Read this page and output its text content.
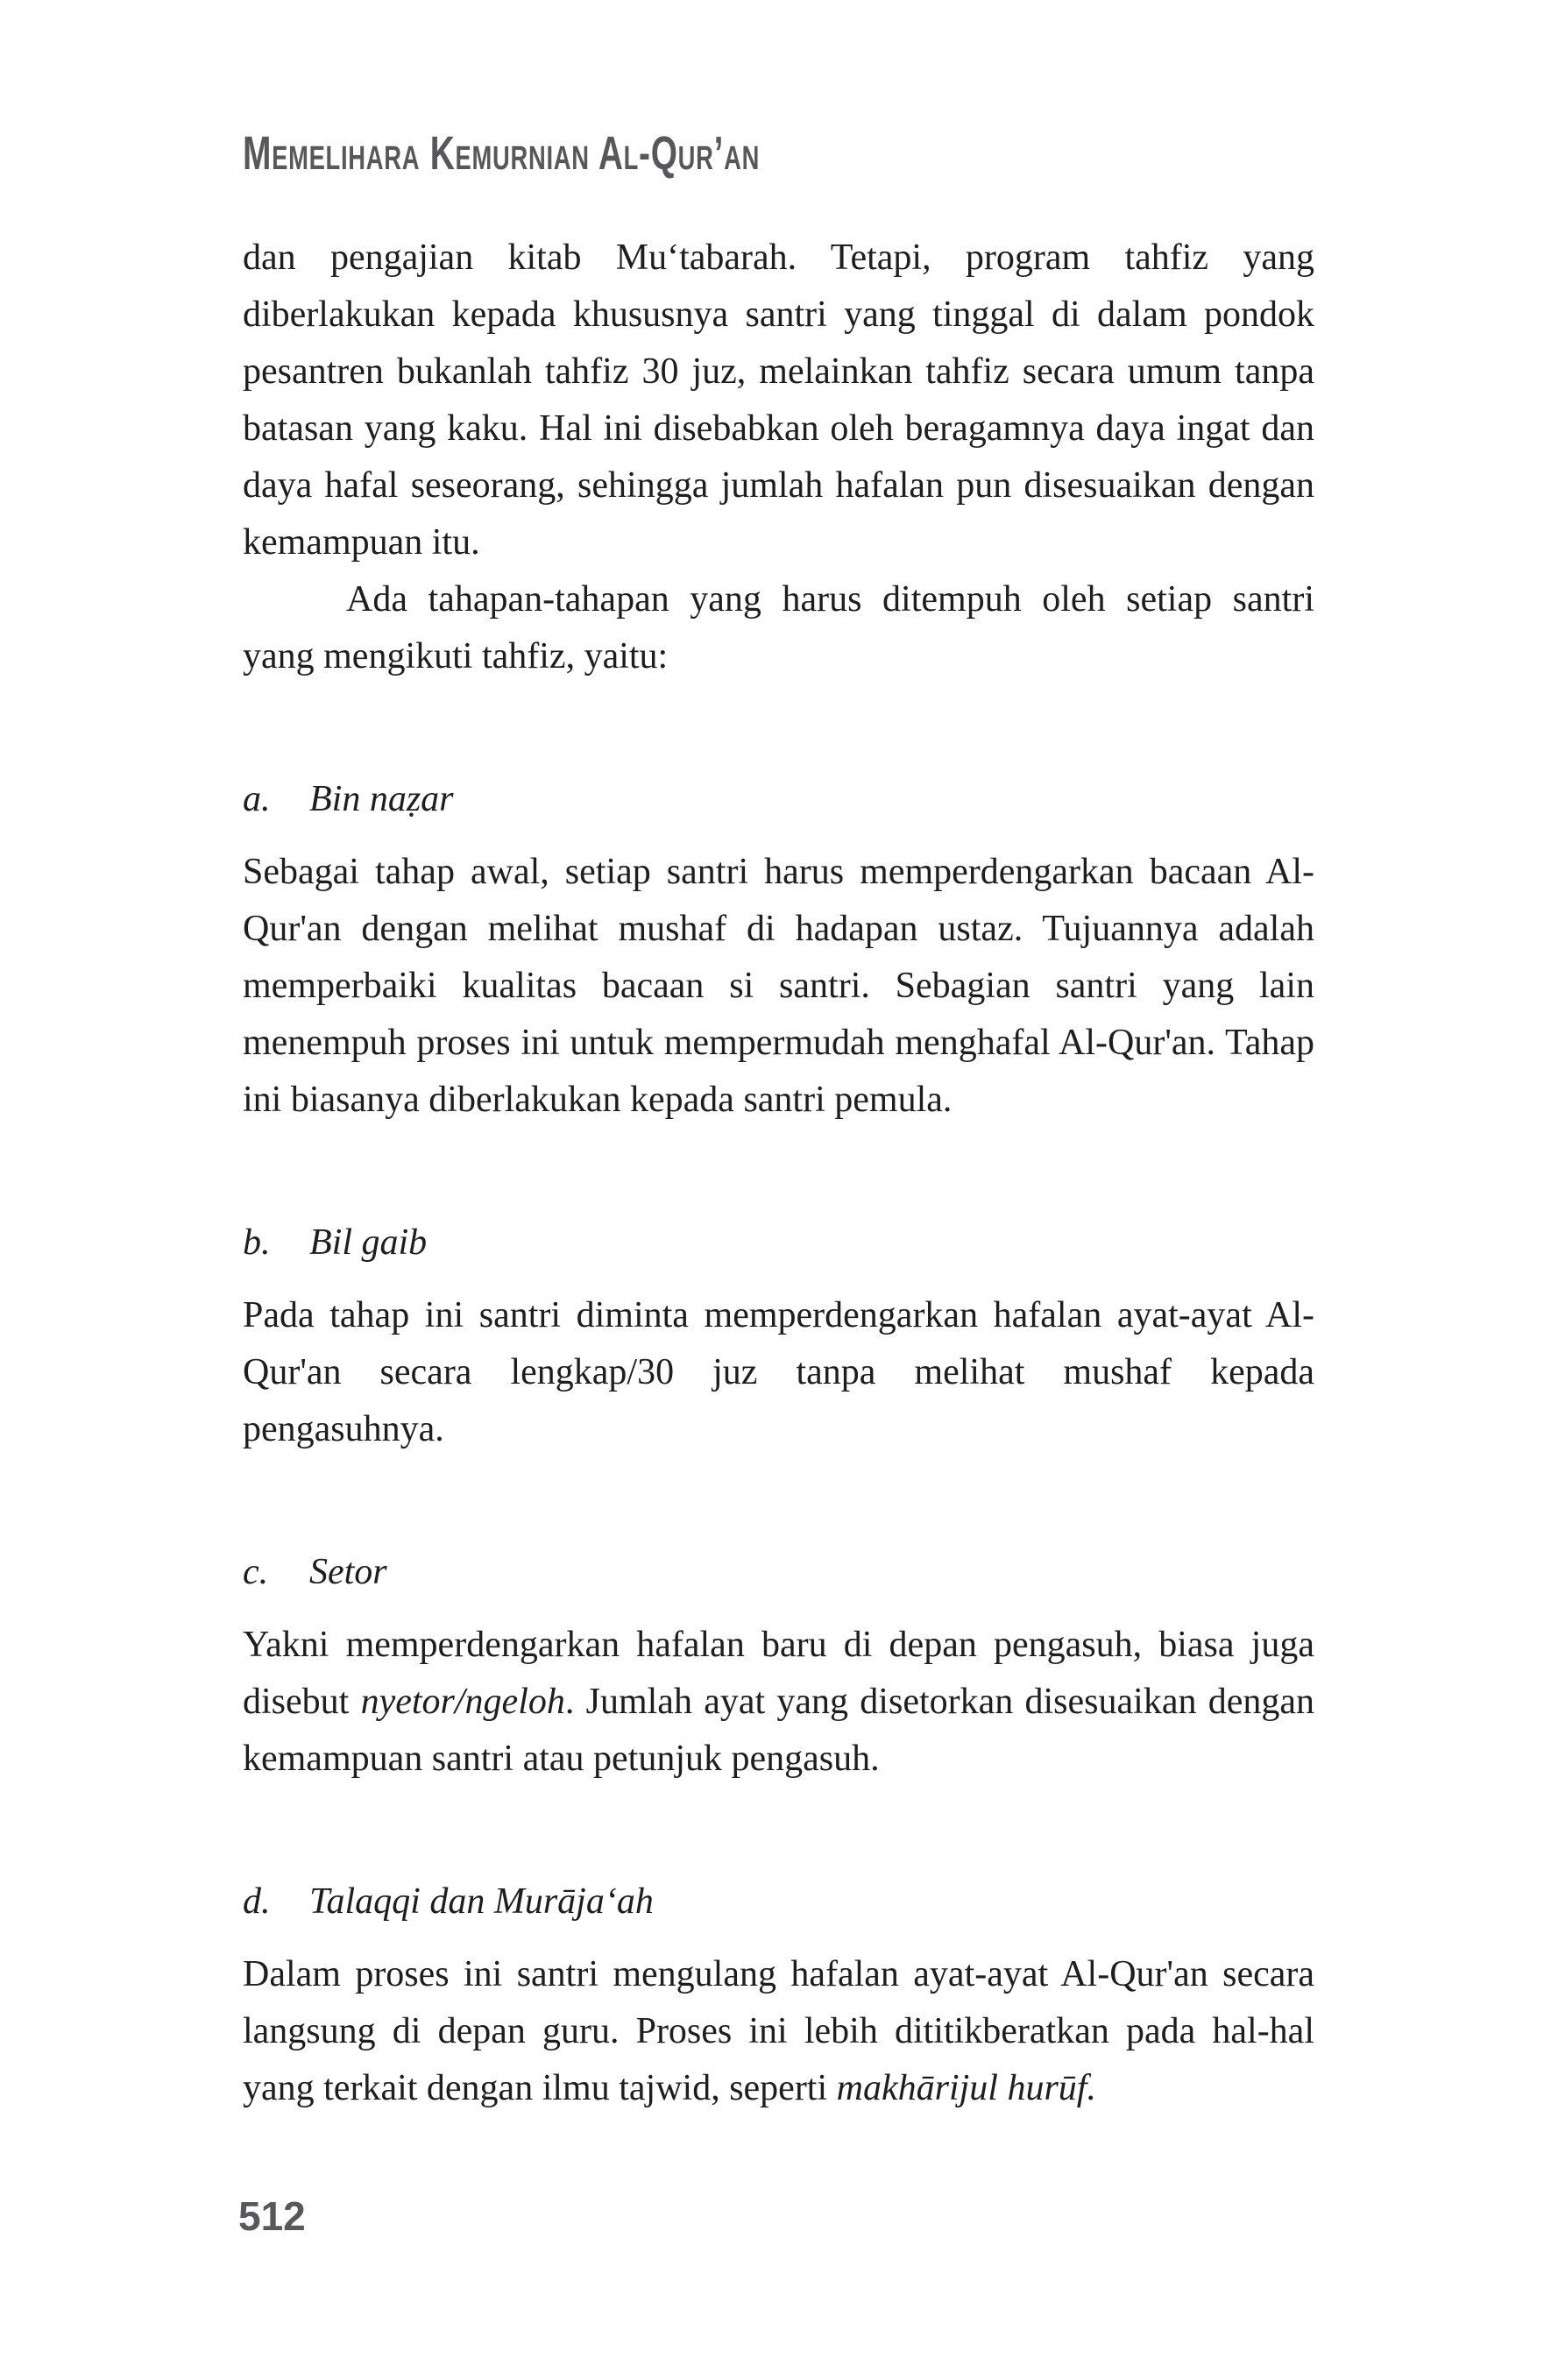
Memelihara Kemurnian Al-Qur’an

dan pengajian kitab Mu‘tabarah. Tetapi, program tahfiz yang diberlakukan kepada khususnya santri yang tinggal di dalam pondok pesantren bukanlah tahfiz 30 juz, melainkan tahfiz secara umum tanpa batasan yang kaku. Hal ini disebabkan oleh beragamnya daya ingat dan daya hafal seseorang, sehingga jumlah hafalan pun disesuaikan dengan kemampuan itu.

Ada tahapan-tahapan yang harus ditempuh oleh setiap santri yang mengikuti tahfiz, yaitu:

a. Bin naẓar

Sebagai tahap awal, setiap santri harus memperdengarkan bacaan Al-Qur'an dengan melihat mushaf di hadapan ustaz. Tujuannya adalah memperbaiki kualitas bacaan si santri. Sebagian santri yang lain menempuh proses ini untuk mempermudah menghafal Al-Qur'an. Tahap ini biasanya diberlakukan kepada santri pemula.

b. Bil gaib

Pada tahap ini santri diminta memperdengarkan hafalan ayat-ayat Al-Qur'an secara lengkap/30 juz tanpa melihat mushaf kepada pengasuhnya.

c. Setor

Yakni memperdengarkan hafalan baru di depan pengasuh, biasa juga disebut nyetor/ngeloh. Jumlah ayat yang disetorkan disesuaikan dengan kemampuan santri atau petunjuk pengasuh.

d. Talaqqi dan Murāja‘ah

Dalam proses ini santri mengulang hafalan ayat-ayat Al-Qur'an secara langsung di depan guru. Proses ini lebih dititikberatkan pada hal-hal yang terkait dengan ilmu tajwid, seperti makhārijul hurūf.

512
